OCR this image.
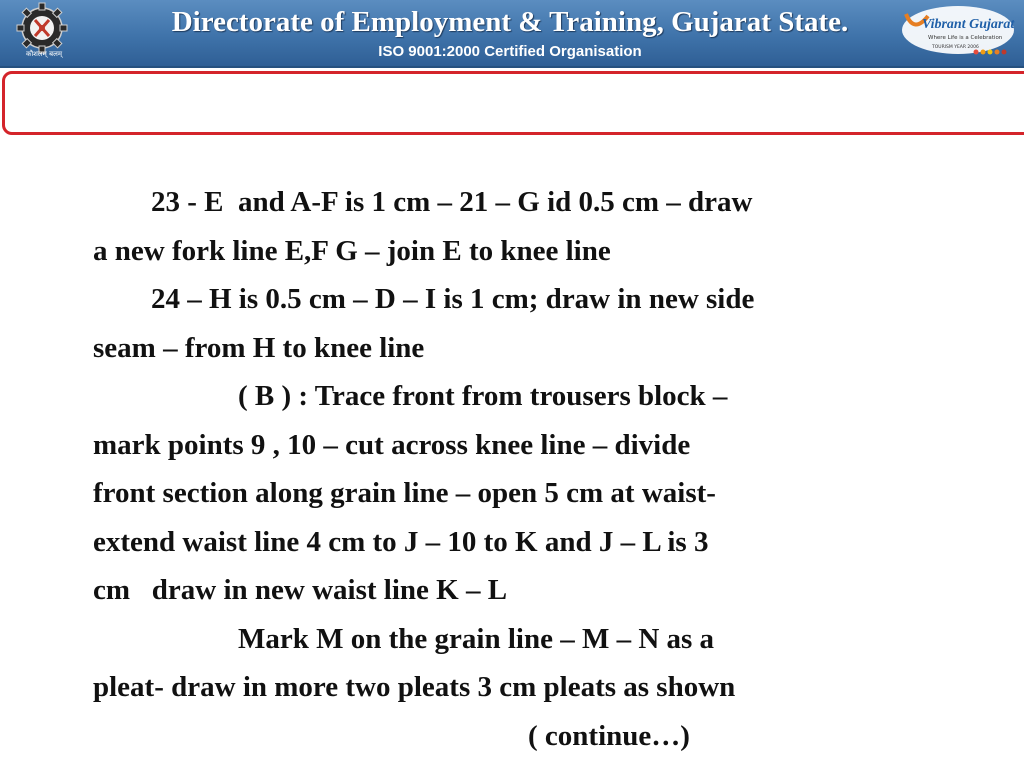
कौशलम् बलम्
Directorate of Employment & Training, Gujarat State.
ISO 9001:2000 Certified Organisation
Vibrant Gujarat
Where Life is a Celebration
TOURISM YEAR 2006
23 - E  and A-F is 1 cm – 21 – G id 0.5 cm – draw
a new fork line E,F G – join E to knee line
24 – H is 0.5 cm – D – I is 1 cm; draw in new side
seam – from H to knee line
( B ) : Trace front from trousers block –
mark points 9 , 10 – cut across knee line – divide
front section along grain line – open 5 cm at waist-
extend waist line 4 cm to J – 10 to K and J – L is 3
cm   draw in new waist line K – L
Mark M on the grain line – M – N as a
pleat- draw in more two pleats 3 cm pleats as shown
( continue…)
